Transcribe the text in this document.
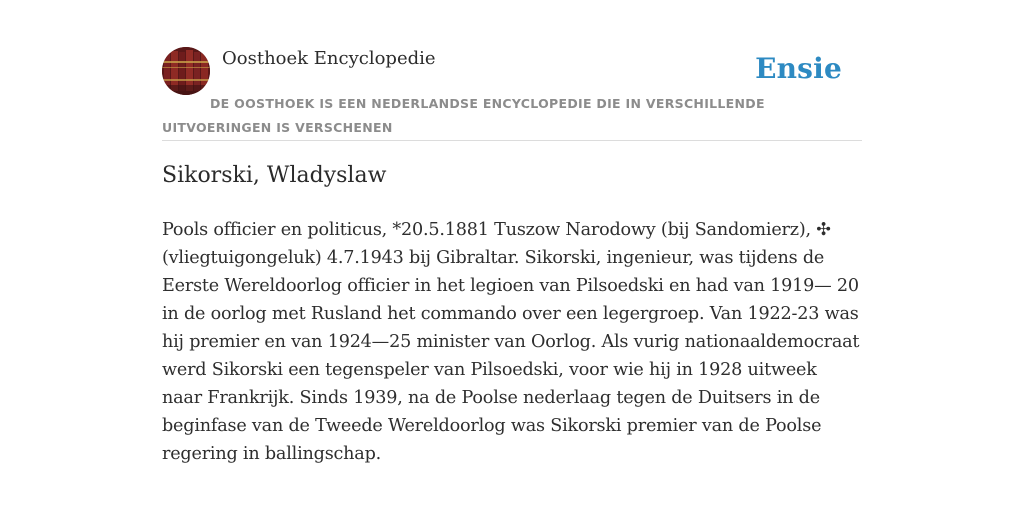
Oosthoek Encyclopedie	Ensie
DE OOSTHOEK IS EEN NEDERLANDSE ENCYCLOPEDIE DIE IN VERSCHILLENDE UITVOERINGEN IS VERSCHENEN
Sikorski, Wladyslaw

Pools officier en politicus, *20.5.1881 Tuszow Narodowy (bij Sandomierz), ✣ (vliegtuigongeluk) 4.7.1943 bij Gibraltar. Sikorski, ingenieur, was tijdens de Eerste Wereldoorlog officier in het legioen van Pilsoedski en had van 1919— 20 in de oorlog met Rusland het commando over een legergroep. Van 1922-23 was hij premier en van 1924—25 minister van Oorlog. Als vurig nationaaldemocraat werd Sikorski een tegenspeler van Pilsoedski, voor wie hij in 1928 uitweek naar Frankrijk. Sinds 1939, na de Poolse nederlaag tegen de Duitsers in de beginfase van de Tweede Wereldoorlog was Sikorski premier van de Poolse regering in ballingschap.
